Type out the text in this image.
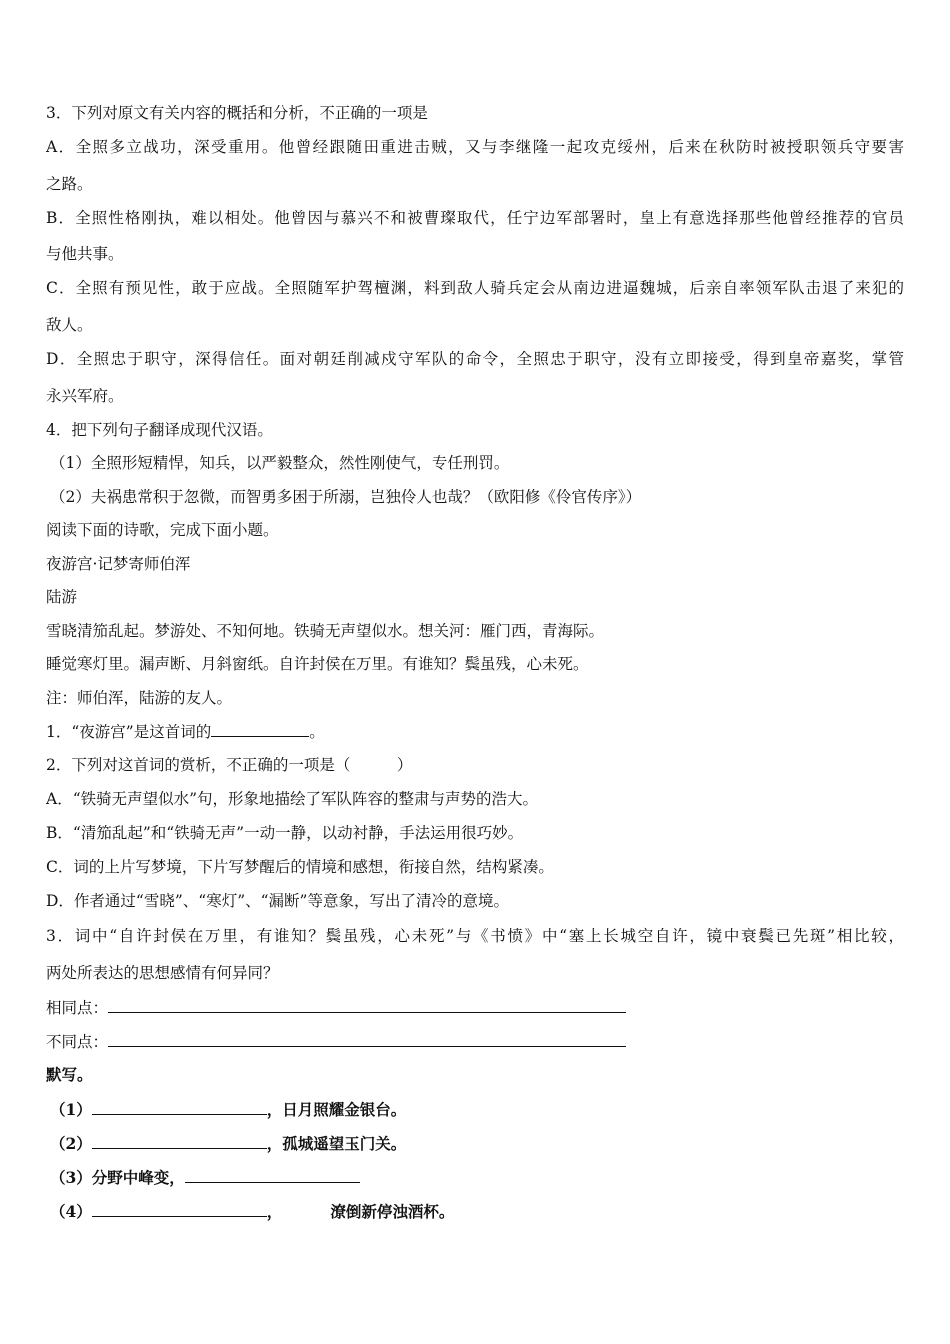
3．下列对原文有关内容的概括和分析，不正确的一项是
A．全照多立战功，深受重用。他曾经跟随田重进击贼，又与李继隆一起攻克绥州，后来在秋防时被授职领兵守要害
之路。
B．全照性格刚执，难以相处。他曾因与慕兴不和被曹璨取代，任宁边军部署时，皇上有意选择那些他曾经推荐的官员
与他共事。
C．全照有预见性，敢于应战。全照随军护驾檀渊，料到敌人骑兵定会从南边进逼魏城，后亲自率领军队击退了来犯的
敌人。
D．全照忠于职守，深得信任。面对朝廷削减戍守军队的命令，全照忠于职守，没有立即接受，得到皇帝嘉奖，掌管
永兴军府。
4．把下列句子翻译成现代汉语。
（1）全照形短精悍，知兵，以严毅整众，然性刚使气，专任刑罚。
（2）夫祸患常积于忽微，而智勇多困于所溺，岂独伶人也哉？（欧阳修《伶官传序》）
阅读下面的诗歌，完成下面小题。
夜游宫·记梦寄师伯浑
陆游
雪晓清笳乱起。梦游处、不知何地。铁骑无声望似水。想关河：雁门西，青海际。
睡觉寒灯里。漏声断、月斜窗纸。自许封侯在万里。有谁知？鬓虽残，心未死。
注：师伯浑，陆游的友人。
1．“夜游宫”是这首词的	。
2．下列对这首词的赏析，不正确的一项是（　　　）
A．“铁骑无声望似水”句，形象地描绘了军队阵容的整肃与声势的浩大。
B．“清笳乱起”和“铁骑无声”一动一静，以动衬静，手法运用很巧妙。
C．词的上片写梦境，下片写梦醒后的情境和感想，衔接自然，结构紧凑。
D．作者通过“雪晓”、“寒灯”、“漏断”等意象，写出了清冷的意境。
3．词中“自许封侯在万里，有谁知？鬓虽残，心未死”与《书愤》中“塞上长城空自许，镜中衰鬓已先斑”相比较，
两处所表达的思想感情有何异同？
相同点：
不同点：
默写。
（1）	，日月照耀金银台。
（2）	，孤城遥望玉门关。
（3）分野中峰变，
（4）	，	潦倒新停浊酒杯。
